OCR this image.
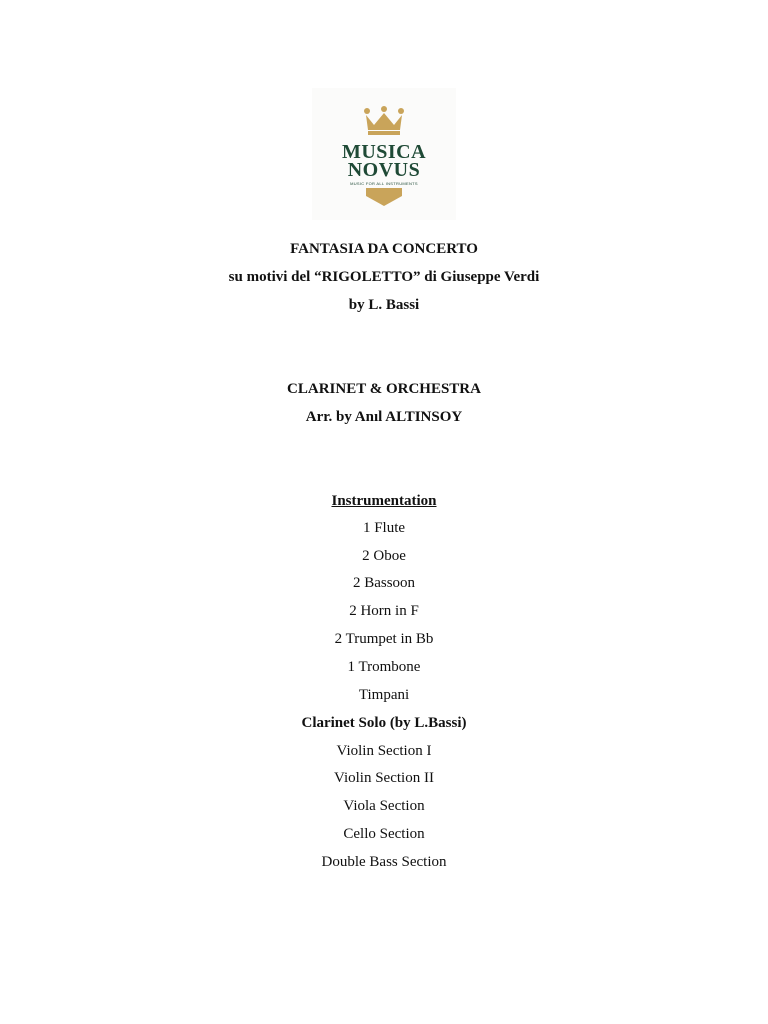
MUSICA
NOVUS
MUSIC FOR ALL INSTRUMENTS
FANTASIA DA CONCERTO
su motivi del “RIGOLETTO” di Giuseppe Verdi
by L. Bassi
CLARINET & ORCHESTRA
Arr. by Anıl ALTINSOY
Instrumentation
1 Flute
2 Oboe
2 Bassoon
2 Horn in F
2 Trumpet in Bb
1 Trombone
Timpani
Clarinet Solo (by L.Bassi)
Violin Section I
Violin Section II
Viola Section
Cello Section
Double Bass Section
